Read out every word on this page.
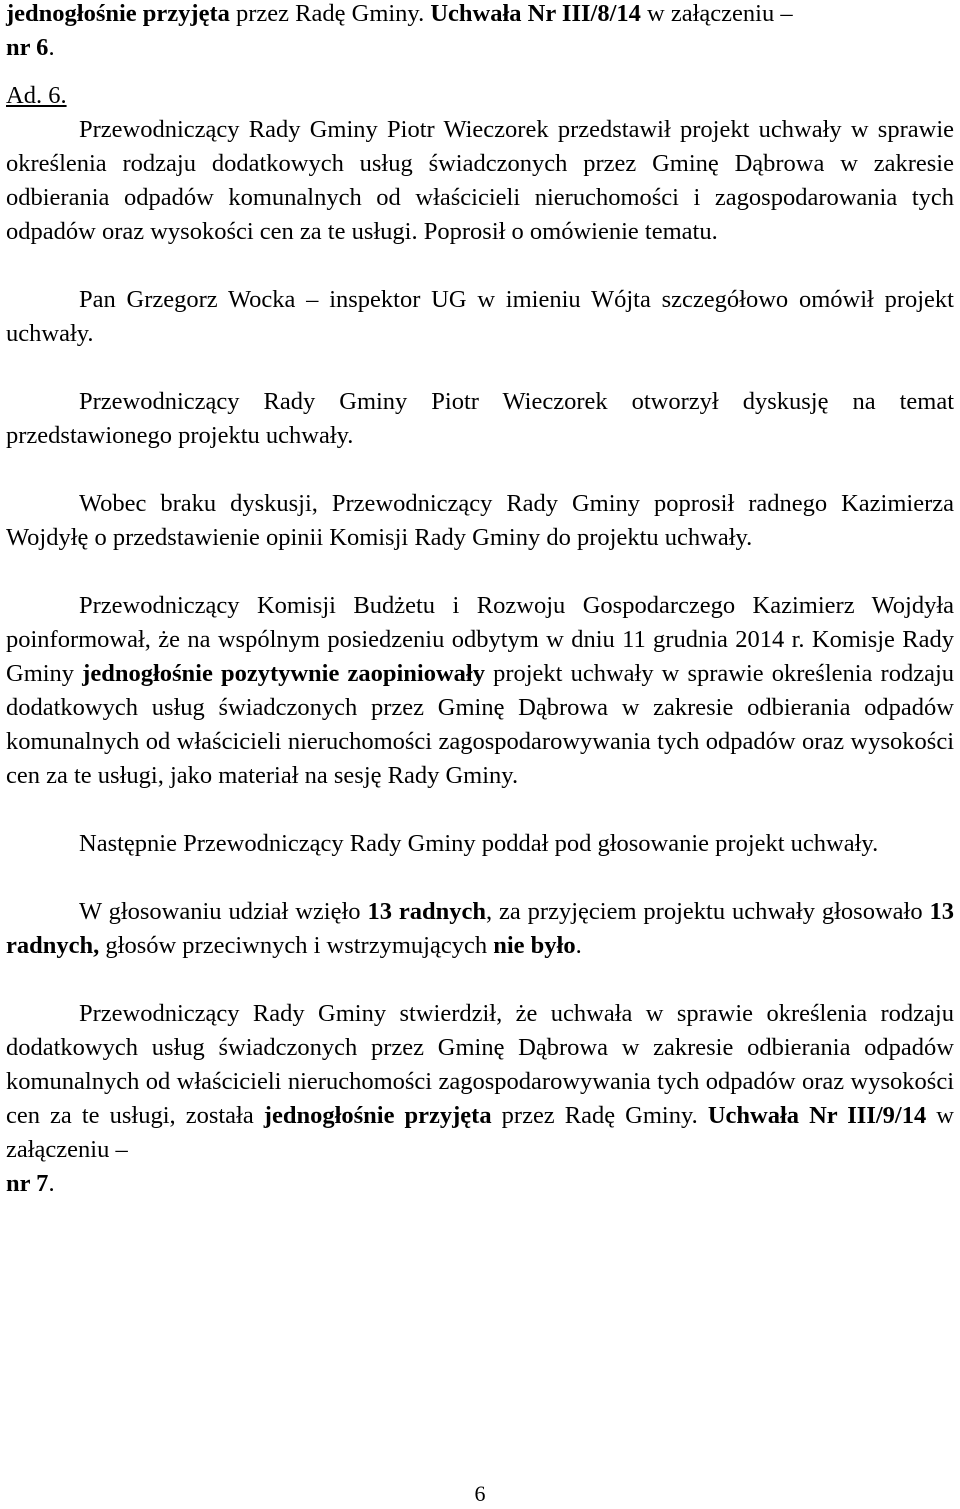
jednogłośnie przyjęta przez Radę Gminy. Uchwała Nr III/8/14 w załączeniu –
nr 6.

Ad. 6.

Przewodniczący Rady Gminy Piotr Wieczorek przedstawił projekt uchwały w sprawie określenia rodzaju dodatkowych usług świadczonych przez Gminę Dąbrowa w zakresie odbierania odpadów komunalnych od właścicieli nieruchomości i zagospodarowania tych odpadów oraz wysokości cen za te usługi. Poprosił o omówienie tematu.

Pan Grzegorz Wocka – inspektor UG w imieniu Wójta szczegółowo omówił projekt uchwały.

Przewodniczący Rady Gminy Piotr Wieczorek otworzył dyskusję na temat przedstawionego projektu uchwały.

Wobec braku dyskusji, Przewodniczący Rady Gminy poprosił radnego Kazimierza Wojdyłę o przedstawienie opinii Komisji Rady Gminy do projektu uchwały.

Przewodniczący Komisji Budżetu i Rozwoju Gospodarczego Kazimierz Wojdyła poinformował, że na wspólnym posiedzeniu odbytym w dniu 11 grudnia 2014 r. Komisje Rady Gminy jednogłośnie pozytywnie zaopiniowały projekt uchwały w sprawie określenia rodzaju dodatkowych usług świadczonych przez Gminę Dąbrowa w zakresie odbierania odpadów komunalnych od właścicieli nieruchomości zagospodarowywania tych odpadów oraz wysokości cen za te usługi, jako materiał na sesję Rady Gminy.

Następnie Przewodniczący Rady Gminy poddał pod głosowanie projekt uchwały.

W głosowaniu udział wzięło 13 radnych, za przyjęciem projektu uchwały głosowało 13 radnych, głosów przeciwnych i wstrzymujących nie było.

Przewodniczący Rady Gminy stwierdził, że uchwała w sprawie określenia rodzaju dodatkowych usług świadczonych przez Gminę Dąbrowa w zakresie odbierania odpadów komunalnych od właścicieli nieruchomości zagospodarowywania tych odpadów oraz wysokości cen za te usługi, została jednogłośnie przyjęta przez Radę Gminy. Uchwała Nr III/9/14 w załączeniu –
nr 7.

6
